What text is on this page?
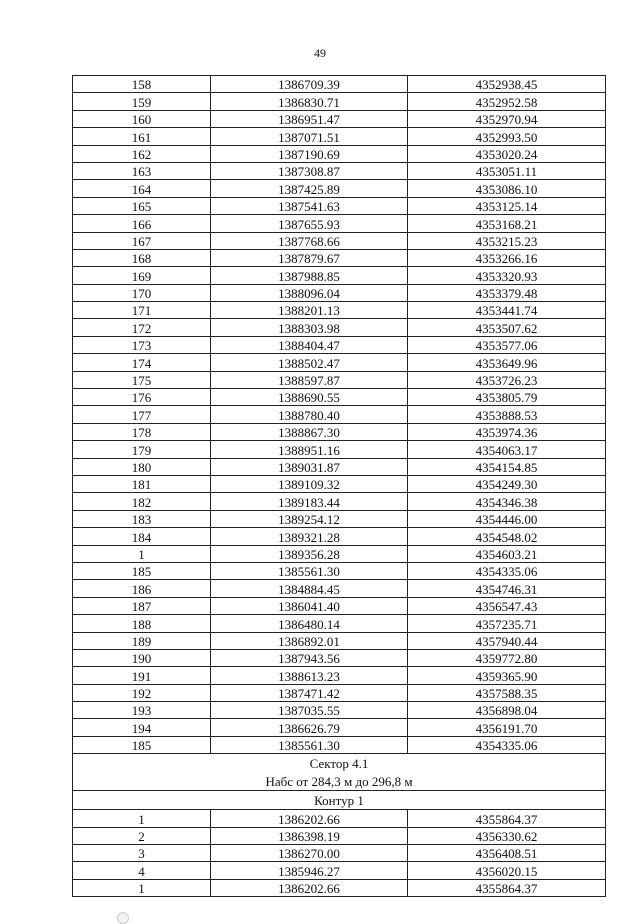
49
158	1386709.39	4352938.45
159	1386830.71	4352952.58
160	1386951.47	4352970.94
161	1387071.51	4352993.50
162	1387190.69	4353020.24
163	1387308.87	4353051.11
164	1387425.89	4353086.10
165	1387541.63	4353125.14
166	1387655.93	4353168.21
167	1387768.66	4353215.23
168	1387879.67	4353266.16
169	1387988.85	4353320.93
170	1388096.04	4353379.48
171	1388201.13	4353441.74
172	1388303.98	4353507.62
173	1388404.47	4353577.06
174	1388502.47	4353649.96
175	1388597.87	4353726.23
176	1388690.55	4353805.79
177	1388780.40	4353888.53
178	1388867.30	4353974.36
179	1388951.16	4354063.17
180	1389031.87	4354154.85
181	1389109.32	4354249.30
182	1389183.44	4354346.38
183	1389254.12	4354446.00
184	1389321.28	4354548.02
1	1389356.28	4354603.21
185	1385561.30	4354335.06
186	1384884.45	4354746.31
187	1386041.40	4356547.43
188	1386480.14	4357235.71
189	1386892.01	4357940.44
190	1387943.56	4359772.80
191	1388613.23	4359365.90
192	1387471.42	4357588.35
193	1387035.55	4356898.04
194	1386626.79	4356191.70
185	1385561.30	4354335.06
Сектор 4.1		
Набс от 284,3 м до 296,8 м		
Контур 1		
1	1386202.66	4355864.37
2	1386398.19	4356330.62
3	1386270.00	4356408.51
4	1385946.27	4356020.15
1	1386202.66	4355864.37
